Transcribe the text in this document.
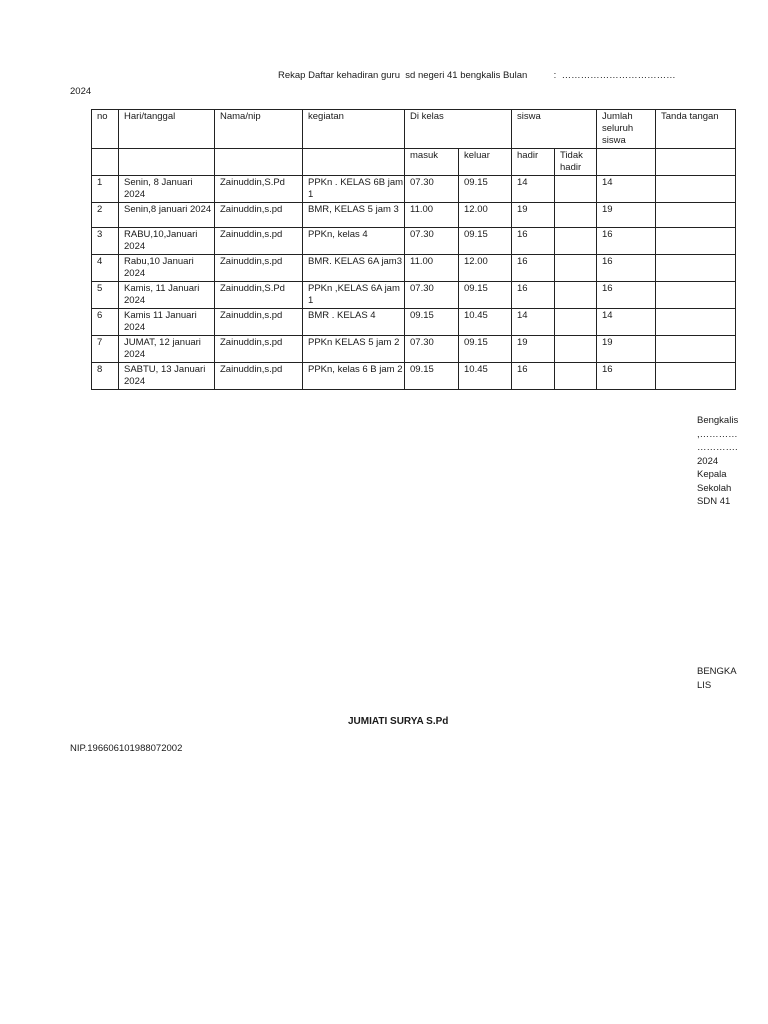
Rekap Daftar kehadiran guru  sd negeri 41 bengkalis Bulan          :  ………………………………
2024
no	Hari/tanggal	Nama/nip	kegiatan	Di kelas		siswa		Jumlah seluruh siswa	Tanda tangan
				masuk	keluar	hadir	Tidak hadir		
1	Senin, 8 Januari 2024	Zainuddin,S.Pd	PPKn . KELAS 6B jam 1	07.30	09.15	14		14	
2	Senin,8 januari 2024	Zainuddin,s.pd	BMR, KELAS 5 jam 3	11.00	12.00	19		19	
3	RABU,10,Januari 2024	Zainuddin,s.pd	PPKn, kelas 4	07.30	09.15	16		16	
4	Rabu,10 Januari 2024	Zainuddin,s.pd	BMR. KELAS 6A jam3	11.00	12.00	16		16	
5	Kamis, 11 Januari 2024	Zainuddin,S.Pd	PPKn ,KELAS 6A jam 1	07.30	09.15	16		16	
6	Kamis 11 Januari 2024	Zainuddin,s.pd	BMR . KELAS 4	09.15	10.45	14		14	
7	JUMAT, 12 januari 2024	Zainuddin,s.pd	PPKn KELAS 5 jam 2	07.30	09.15	19		19	
8	SABTU, 13 Januari 2024	Zainuddin,s.pd	PPKn, kelas 6 B jam 2	09.15	10.45	16		16	
Bengkalis,…………………….2024
Kepala Sekolah SDN 41
BENGKALIS
JUMIATI SURYA S.Pd
NIP.196606101988072002
